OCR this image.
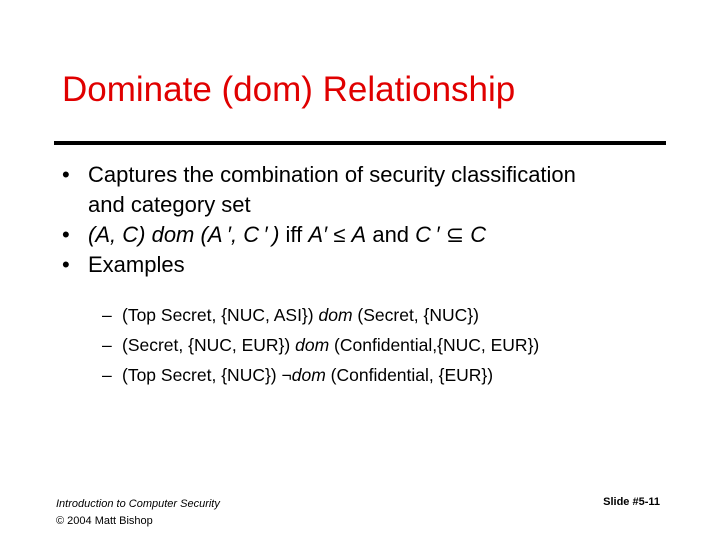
Dominate (dom) Relationship
• Captures the combination of security classification
and category set
• (A, C) dom (A ′, C ′ ) iff A′ ≤ A and C ′ ⊆ C
• Examples
– (Top Secret, {NUC, ASI}) dom (Secret, {NUC})
– (Secret, {NUC, EUR}) dom (Confidential,{NUC, EUR})
– (Top Secret, {NUC}) ¬dom (Confidential, {EUR})
Introduction to Computer Security
© 2004 Matt Bishop
Slide #5-11
